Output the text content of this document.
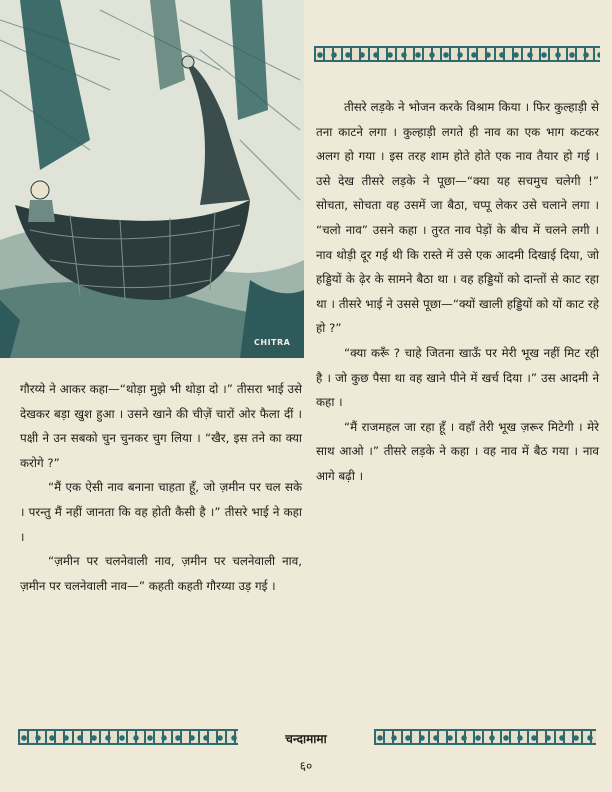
CHITRA

तीसरे लड़के ने भोजन करके विश्राम किया । फिर कुल्हाड़ी से तना काटने लगा । कुल्हाड़ी लगते ही नाव का एक भाग कटकर अलग हो गया । इस तरह शाम होते होते एक नाव तैयार हो गई । उसे देख तीसरे लड़के ने पूछा—“क्या यह सचमुच चलेगी !” सोचता, सोचता वह उसमें जा बैठा, चप्पू लेकर उसे चलाने लगा । “चलो नाव” उसने कहा । तुरत नाव पेड़ों के बीच में चलने लगी । नाव थोड़ी दूर गई थी कि रास्ते में उसे एक आदमी दिखाई दिया, जो हड्डियों के ढ़ेर के सामने बैठा था । वह हड्डियों को दान्तों से काट रहा था । तीसरे भाई ने उससे पूछा—“क्यों खाली हड्डियों को यों काट रहे हो ?”

“क्या करूँ ? चाहे जितना खाऊँ पर मेरी भूख नहीं मिट रही है । जो कुछ पैसा था वह खाने पीने में खर्च दिया ।” उस आदमी ने कहा ।

“मैं राजमहल जा रहा हूँ । वहाँ तेरी भूख ज़रूर मिटेगी । मेरे साथ आओ ।” तीसरे लड़के ने कहा । वह नाव में बैठ गया । नाव आगे बढ़ी ।

गौरय्ये ने आकर कहा—“थोड़ा मुझे भी थोड़ा दो ।” तीसरा भाई उसे देखकर बड़ा खुश हुआ । उसने खाने की चीज़ें चारों ओर फैला दीं । पक्षी ने उन सबको चुन चुनकर चुग लिया । “खैर, इस तने का क्या करोगे ?”

“मैं एक ऐसी नाव बनाना चाहता हूँ, जो ज़मीन पर चल सके । परन्तु मैं नहीं जानता कि वह होती कैसी है ।” तीसरे भाई ने कहा ।

“ज़मीन पर चलनेवाली नाव, ज़मीन पर चलनेवाली नाव, ज़मीन पर चलनेवाली नाव—” कहती कहती गौरय्या उड़ गई ।

चन्दामामा
६०
